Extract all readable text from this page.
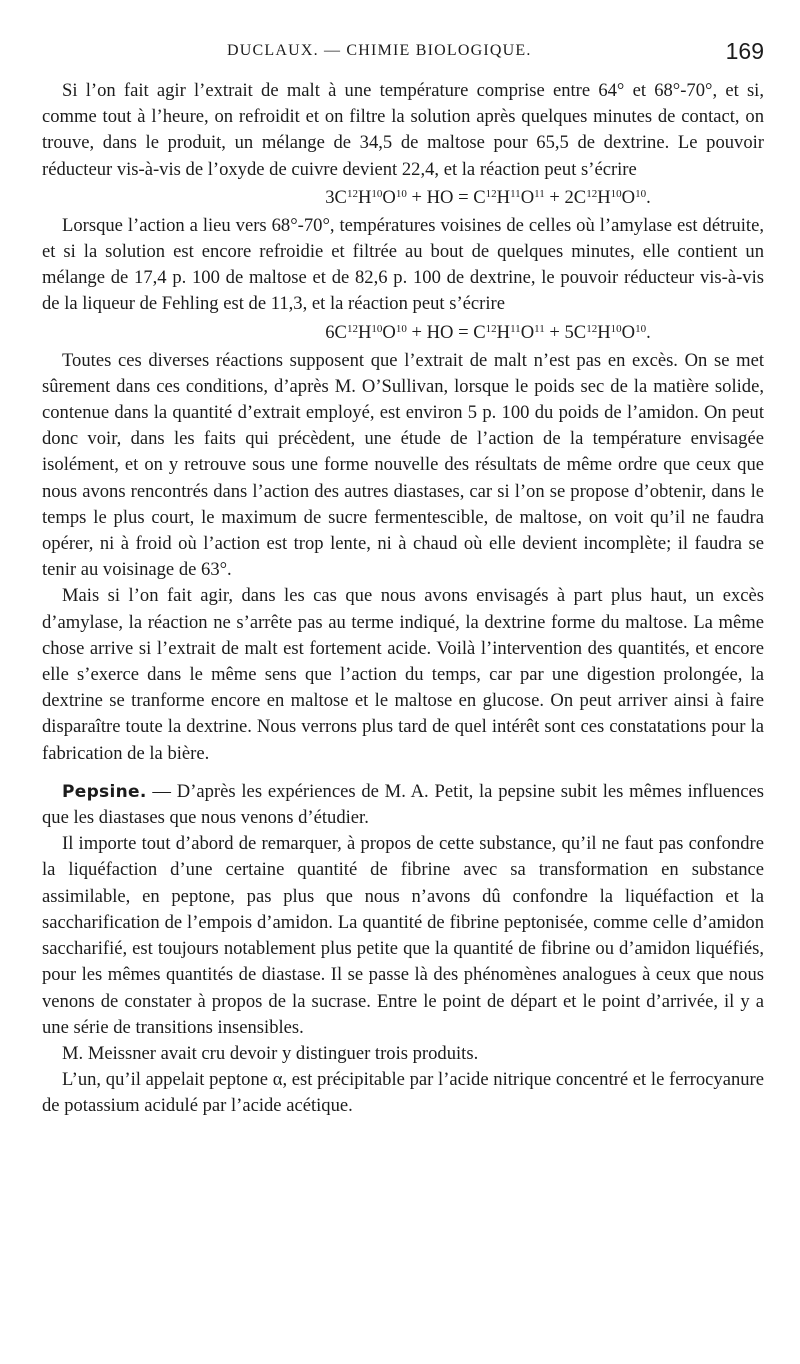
DUCLAUX. — CHIMIE BIOLOGIQUE.	169

Si l’on fait agir l’extrait de malt à une température comprise entre 64° et 68°-70°, et si, comme tout à l’heure, on refroidit et on filtre la solution après quelques minutes de contact, on trouve, dans le produit, un mélange de 34,5 de maltose pour 65,5 de dextrine. Le pouvoir réducteur vis-à-vis de l’oxyde de cuivre devient 22,4, et la réaction peut s’écrire

$3C^{12}H^{10}O^{10}$ + HO = $C^{12}H^{11}O^{11} + 2C^{12}H^{10}O^{10}$.

Lorsque l’action a lieu vers 68°-70°, températures voisines de celles où l’amylase est détruite, et si la solution est encore refroidie et filtrée au bout de quelques minutes, elle contient un mélange de 17,4 p. 100 de maltose et de 82,6 p. 100 de dextrine, le pouvoir réducteur vis-à-vis de la liqueur de Fehling est de 11,3, et la réaction peut s’écrire

$6C^{12}H^{10}O^{10}$ + HO = $C^{12}H^{11}O^{11} + 5C^{12}H^{10}O^{10}$.

Toutes ces diverses réactions supposent que l’extrait de malt n’est pas en excès. On se met sûrement dans ces conditions, d’après M. O’Sullivan, lorsque le poids sec de la matière solide, contenue dans la quantité d’extrait employé, est environ 5 p. 100 du poids de l’amidon. On peut donc voir, dans les faits qui précèdent, une étude de l’action de la température envisagée isolément, et on y retrouve sous une forme nouvelle des résultats de même ordre que ceux que nous avons rencontrés dans l’action des autres diastases, car si l’on se propose d’obtenir, dans le temps le plus court, le maximum de sucre fermentescible, de maltose, on voit qu’il ne faudra opérer, ni à froid où l’action est trop lente, ni à chaud où elle devient incomplète; il faudra se tenir au voisinage de 63°.

Mais si l’on fait agir, dans les cas que nous avons envisagés à part plus haut, un excès d’amylase, la réaction ne s’arrête pas au terme indiqué, la dextrine forme du maltose. La même chose arrive si l’extrait de malt est fortement acide. Voilà l’intervention des quantités, et encore elle s’exerce dans le même sens que l’action du temps, car par une digestion prolongée, la dextrine se tranforme encore en maltose et le maltose en glucose. On peut arriver ainsi à faire disparaître toute la dextrine. Nous verrons plus tard de quel intérêt sont ces constatations pour la fabrication de la bière.

Pepsine. — D’après les expériences de M. A. Petit, la pepsine subit les mêmes influences que les diastases que nous venons d’étudier.

Il importe tout d’abord de remarquer, à propos de cette substance, qu’il ne faut pas confondre la liquéfaction d’une certaine quantité de fibrine avec sa transformation en substance assimilable, en peptone, pas plus que nous n’avons dû confondre la liquéfaction et la saccharification de l’empois d’amidon. La quantité de fibrine peptonisée, comme celle d’amidon saccharifié, est toujours notablement plus petite que la quantité de fibrine ou d’amidon liquéfiés, pour les mêmes quantités de diastase. Il se passe là des phénomènes analogues à ceux que nous venons de constater à propos de la sucrase. Entre le point de départ et le point d’arrivée, il y a une série de transitions insensibles.

M. Meissner avait cru devoir y distinguer trois produits.

L’un, qu’il appelait peptone α, est précipitable par l’acide nitrique concentré et le ferrocyanure de potassium acidulé par l’acide acétique.
